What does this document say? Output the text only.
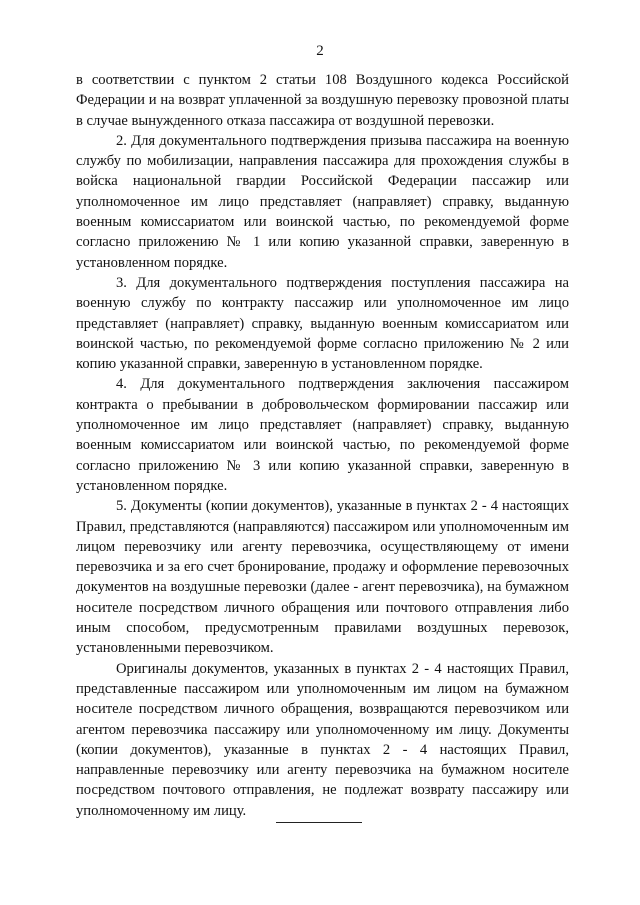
2

в соответствии с пунктом 2 статьи 108 Воздушного кодекса Российской Федерации и на возврат уплаченной за воздушную перевозку провозной платы в случае вынужденного отказа пассажира от воздушной перевозки.

2. Для документального подтверждения призыва пассажира на военную службу по мобилизации, направления пассажира для прохождения службы в войска национальной гвардии Российской Федерации пассажир или уполномоченное им лицо представляет (направляет) справку, выданную военным комиссариатом или воинской частью, по рекомендуемой форме согласно приложению № 1 или копию указанной справки, заверенную в установленном порядке.

3. Для документального подтверждения поступления пассажира на военную службу по контракту пассажир или уполномоченное им лицо представляет (направляет) справку, выданную военным комиссариатом или воинской частью, по рекомендуемой форме согласно приложению № 2 или копию указанной справки, заверенную в установленном порядке.

4. Для документального подтверждения заключения пассажиром контракта о пребывании в добровольческом формировании пассажир или уполномоченное им лицо представляет (направляет) справку, выданную военным комиссариатом или воинской частью, по рекомендуемой форме согласно приложению № 3 или копию указанной справки, заверенную в установленном порядке.

5. Документы (копии документов), указанные в пунктах 2 - 4 настоящих Правил, представляются (направляются) пассажиром или уполномоченным им лицом перевозчику или агенту перевозчика, осуществляющему от имени перевозчика и за его счет бронирование, продажу и оформление перевозочных документов на воздушные перевозки (далее - агент перевозчика), на бумажном носителе посредством личного обращения или почтового отправления либо иным способом, предусмотренным правилами воздушных перевозок, установленными перевозчиком.

Оригиналы документов, указанных в пунктах 2 - 4 настоящих Правил, представленные пассажиром или уполномоченным им лицом на бумажном носителе посредством личного обращения, возвращаются перевозчиком или агентом перевозчика пассажиру или уполномоченному им лицу. Документы (копии документов), указанные в пунктах 2 - 4 настоящих Правил, направленные перевозчику или агенту перевозчика на бумажном носителе посредством почтового отправления, не подлежат возврату пассажиру или уполномоченному им лицу.
